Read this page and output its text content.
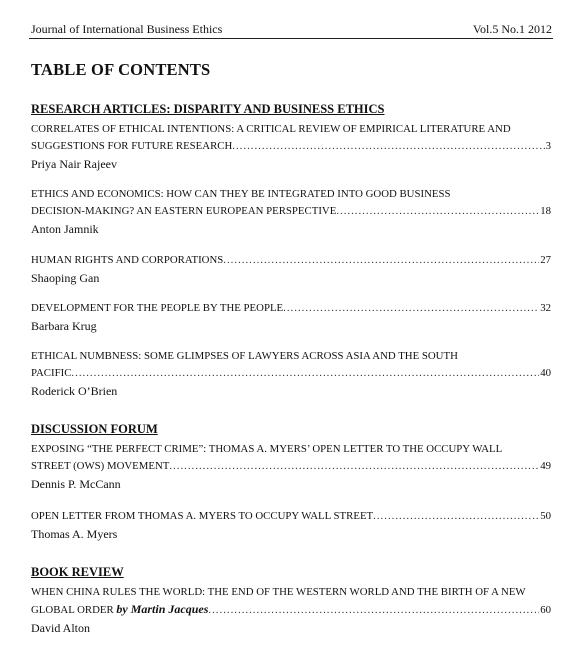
Journal of International Business Ethics	Vol.5 No.1 2012
TABLE OF CONTENTS
RESEARCH ARTICLES: DISPARITY AND BUSINESS ETHICS
CORRELATES OF ETHICAL INTENTIONS: A CRITICAL REVIEW OF EMPIRICAL LITERATURE AND
SUGGESTIONS FOR FUTURE RESEARCH .....	3
Priya Nair Rajeev
ETHICS AND ECONOMICS: HOW CAN THEY BE INTEGRATED INTO GOOD BUSINESS
DECISION-MAKING? AN EASTERN EUROPEAN PERSPECTIVE .....	18
Anton Jamnik
HUMAN RIGHTS AND CORPORATIONS .....	27
Shaoping Gan
DEVELOPMENT FOR THE PEOPLE BY THE PEOPLE .....	32
Barbara Krug
ETHICAL NUMBNESS: SOME GLIMPSES OF LAWYERS ACROSS ASIA AND THE SOUTH
PACIFIC .....	40
Roderick O’Brien
DISCUSSION FORUM
EXPOSING “THE PERFECT CRIME”: THOMAS A. MYERS’ OPEN LETTER TO THE OCCUPY WALL
STREET (OWS) MOVEMENT .....	49
Dennis P. McCann
OPEN LETTER FROM THOMAS A. MYERS TO OCCUPY WALL STREET .....	50
Thomas A. Myers
BOOK REVIEW
WHEN CHINA RULES THE WORLD: THE END OF THE WESTERN WORLD AND THE BIRTH OF A NEW
GLOBAL ORDER by Martin Jacques .....	60
David Alton
